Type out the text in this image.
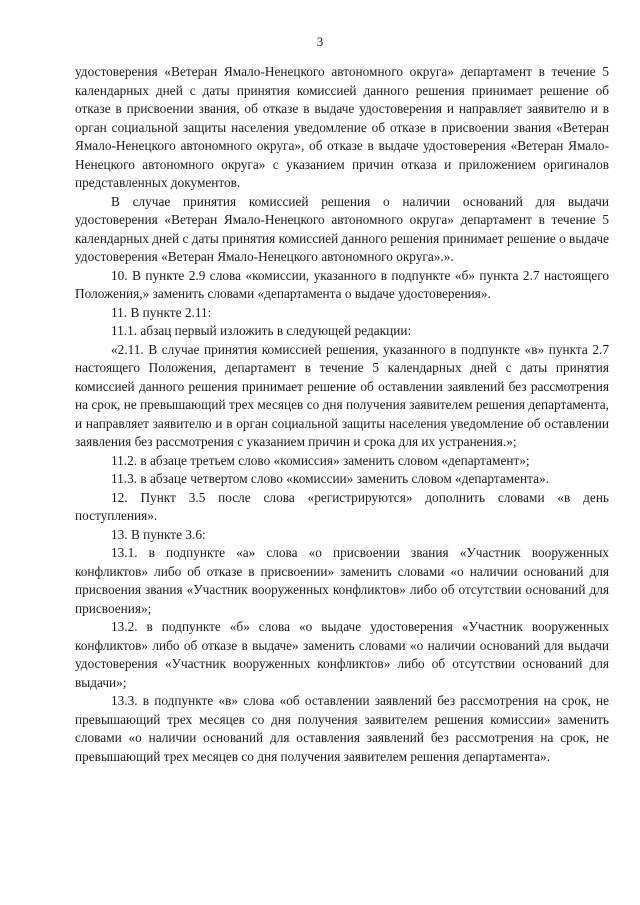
3

удостоверения «Ветеран Ямало-Ненецкого автономного округа» департамент в течение 5 календарных дней с даты принятия комиссией данного решения принимает решение об отказе в присвоении звания, об отказе в выдаче удостоверения и направляет заявителю и в орган социальной защиты населения уведомление об отказе в присвоении звания «Ветеран Ямало-Ненецкого автономного округа», об отказе в выдаче удостоверения «Ветеран Ямало-Ненецкого автономного округа» с указанием причин отказа и приложением оригиналов представленных документов.

В случае принятия комиссией решения о наличии оснований для выдачи удостоверения «Ветеран Ямало-Ненецкого автономного округа» департамент в течение 5 календарных дней с даты принятия комиссией данного решения принимает решение о выдаче удостоверения «Ветеран Ямало-Ненецкого автономного округа».».

10. В пункте 2.9 слова «комиссии, указанного в подпункте «б» пункта 2.7 настоящего Положения,» заменить словами «департамента о выдаче удостоверения».

11. В пункте 2.11:

11.1. абзац первый изложить в следующей редакции:

«2.11. В случае принятия комиссией решения, указанного в подпункте «в» пункта 2.7 настоящего Положения, департамент в течение 5 календарных дней с даты принятия комиссией данного решения принимает решение об оставлении заявлений без рассмотрения на срок, не превышающий трех месяцев со дня получения заявителем решения департамента, и направляет заявителю и в орган социальной защиты населения уведомление об оставлении заявления без рассмотрения с указанием причин и срока для их устранения.»;

11.2. в абзаце третьем слово «комиссия» заменить словом «департамент»;

11.3. в абзаце четвертом слово «комиссии» заменить словом «департамента».

12. Пункт 3.5 после слова «регистрируются» дополнить словами «в день поступления».

13. В пункте 3.6:

13.1. в подпункте «а» слова «о присвоении звания «Участник вооруженных конфликтов» либо об отказе в присвоении» заменить словами «о наличии оснований для присвоения звания «Участник вооруженных конфликтов» либо об отсутствии оснований для присвоения»;

13.2. в подпункте «б» слова «о выдаче удостоверения «Участник вооруженных конфликтов» либо об отказе в выдаче» заменить словами «о наличии оснований для выдачи удостоверения «Участник вооруженных конфликтов» либо об отсутствии оснований для выдачи»;

13.3. в подпункте «в» слова «об оставлении заявлений без рассмотрения на срок, не превышающий трех месяцев со дня получения заявителем решения комиссии» заменить словами «о наличии оснований для оставления заявлений без рассмотрения на срок, не превышающий трех месяцев со дня получения заявителем решения департамента».
